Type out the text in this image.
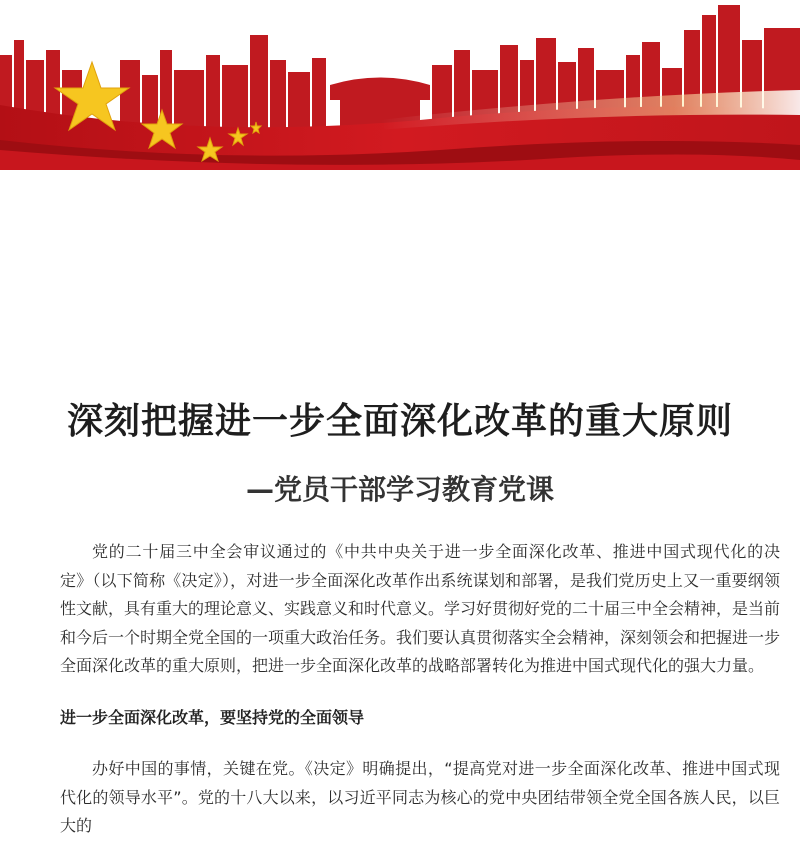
深刻把握进一步全面深化改革的重大原则
—党员干部学习教育党课

党的二十届三中全会审议通过的《中共中央关于进一步全面深化改革、推进中国式现代化的决定》（以下简称《决定》），对进一步全面深化改革作出系统谋划和部署，是我们党历史上又一重要纲领性文献，具有重大的理论意义、实践意义和时代意义。学习好贯彻好党的二十届三中全会精神，是当前和今后一个时期全党全国的一项重大政治任务。我们要认真贯彻落实全会精神，深刻领会和把握进一步全面深化改革的重大原则，把进一步全面深化改革的战略部署转化为推进中国式现代化的强大力量。

进一步全面深化改革，要坚持党的全面领导

办好中国的事情，关键在党。《决定》明确提出，“提高党对进一步全面深化改革、推进中国式现代化的领导水平”。党的十八大以来，以习近平同志为核心的党中央团结带领全党全国各族人民，以巨大的
